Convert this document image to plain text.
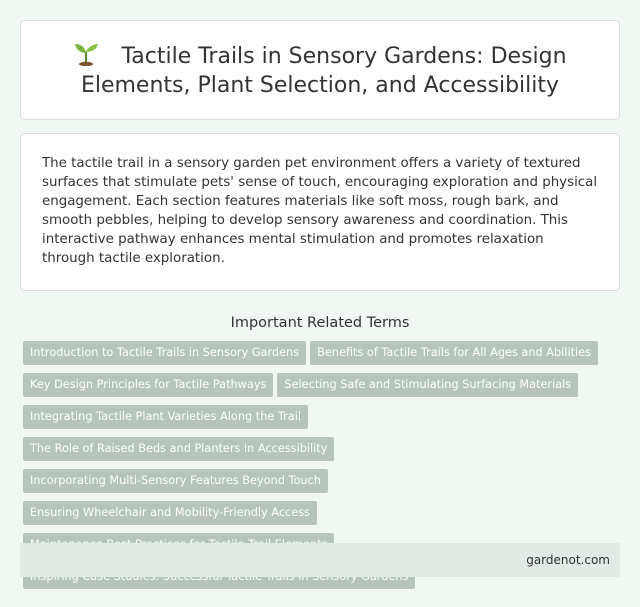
Tactile Trails in Sensory Gardens: Design Elements, Plant Selection, and Accessibility

The tactile trail in a sensory garden pet environment offers a variety of textured surfaces that stimulate pets' sense of touch, encouraging exploration and physical engagement. Each section features materials like soft moss, rough bark, and smooth pebbles, helping to develop sensory awareness and coordination. This interactive pathway enhances mental stimulation and promotes relaxation through tactile exploration.

Important Related Terms
Introduction to Tactile Trails in Sensory Gardens Benefits of Tactile Trails for All Ages and AbilitiesKey Design Principles for Tactile Pathways Selecting Safe and Stimulating Surfacing MaterialsIntegrating Tactile Plant Varieties Along the TrailThe Role of Raised Beds and Planters in AccessibilityIncorporating Multi-Sensory Features Beyond TouchEnsuring Wheelchair and Mobility-Friendly Access
gardenot.com
